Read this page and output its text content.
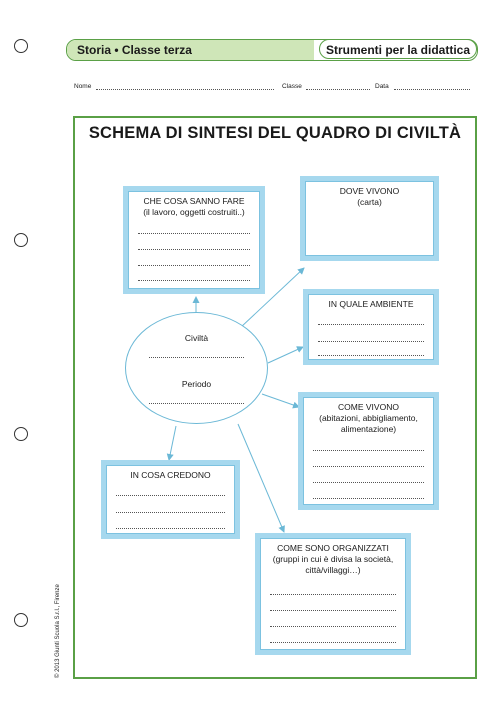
Storia • Classe terza	Strumenti per la didattica
Nome	Classe	Data
SCHEMA DI SINTESI DEL QUADRO DI CIVILTÀ
Civiltà
Periodo
CHE COSA SANNO FARE
(il lavoro, oggetti costruiti..)
DOVE VIVONO
(carta)
IN QUALE AMBIENTE
COME VIVONO
(abitazioni, abbigliamento,
alimentazione)
IN COSA CREDONO
COME SONO ORGANIZZATI
(gruppi in cui è divisa la società,
città/villaggi…)
© 2013 Giunti Scuola S.r.l., Firenze
